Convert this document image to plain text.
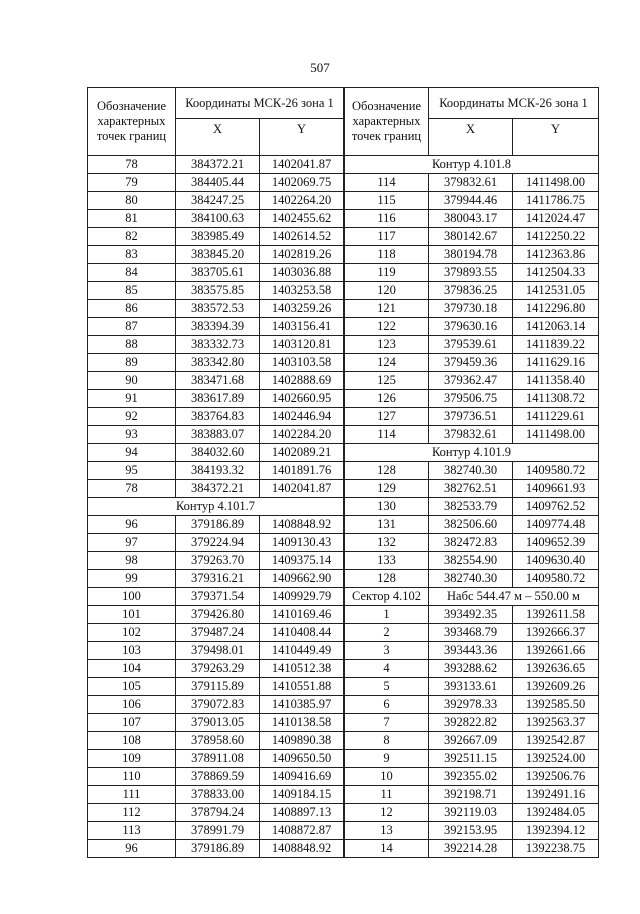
507
Обозначение характерных точек границ	Координаты МСК-26 зона 1	
	X	Y
78	384372.21	1402041.87
79	384405.44	1402069.75
80	384247.25	1402264.20
81	384100.63	1402455.62
82	383985.49	1402614.52
83	383845.20	1402819.26
84	383705.61	1403036.88
85	383575.85	1403253.58
86	383572.53	1403259.26
87	383394.39	1403156.41
88	383332.73	1403120.81
89	383342.80	1403103.58
90	383471.68	1402888.69
91	383617.89	1402660.95
92	383764.83	1402446.94
93	383883.07	1402284.20
94	384032.60	1402089.21
95	384193.32	1401891.76
78	384372.21	1402041.87
Контур 4.101.7		
96	379186.89	1408848.92
97	379224.94	1409130.43
98	379263.70	1409375.14
99	379316.21	1409662.90
100	379371.54	1409929.79
101	379426.80	1410169.46
102	379487.24	1410408.44
103	379498.01	1410449.49
104	379263.29	1410512.38
105	379115.89	1410551.88
106	379072.83	1410385.97
107	379013.05	1410138.58
108	378958.60	1409890.38
109	378911.08	1409650.50
110	378869.59	1409416.69
111	378833.00	1409184.15
112	378794.24	1408897.13
113	378991.79	1408872.87
96	379186.89	1408848.92
Обозначение характерных точек границ	Координаты МСК-26 зона 1	
	X	Y
Контур 4.101.8		
114	379832.61	1411498.00
115	379944.46	1411786.75
116	380043.17	1412024.47
117	380142.67	1412250.22
118	380194.78	1412363.86
119	379893.55	1412504.33
120	379836.25	1412531.05
121	379730.18	1412296.80
122	379630.16	1412063.14
123	379539.61	1411839.22
124	379459.36	1411629.16
125	379362.47	1411358.40
126	379506.75	1411308.72
127	379736.51	1411229.61
114	379832.61	1411498.00
Контур 4.101.9		
128	382740.30	1409580.72
129	382762.51	1409661.93
130	382533.79	1409762.52
131	382506.60	1409774.48
132	382472.83	1409652.39
133	382554.90	1409630.40
128	382740.30	1409580.72
Сектор 4.102	Набс 544.47 м – 550.00 м	
1	393492.35	1392611.58
2	393468.79	1392666.37
3	393443.36	1392661.66
4	393288.62	1392636.65
5	393133.61	1392609.26
6	392978.33	1392585.50
7	392822.82	1392563.37
8	392667.09	1392542.87
9	392511.15	1392524.00
10	392355.02	1392506.76
11	392198.71	1392491.16
12	392119.03	1392484.05
13	392153.95	1392394.12
14	392214.28	1392238.75
